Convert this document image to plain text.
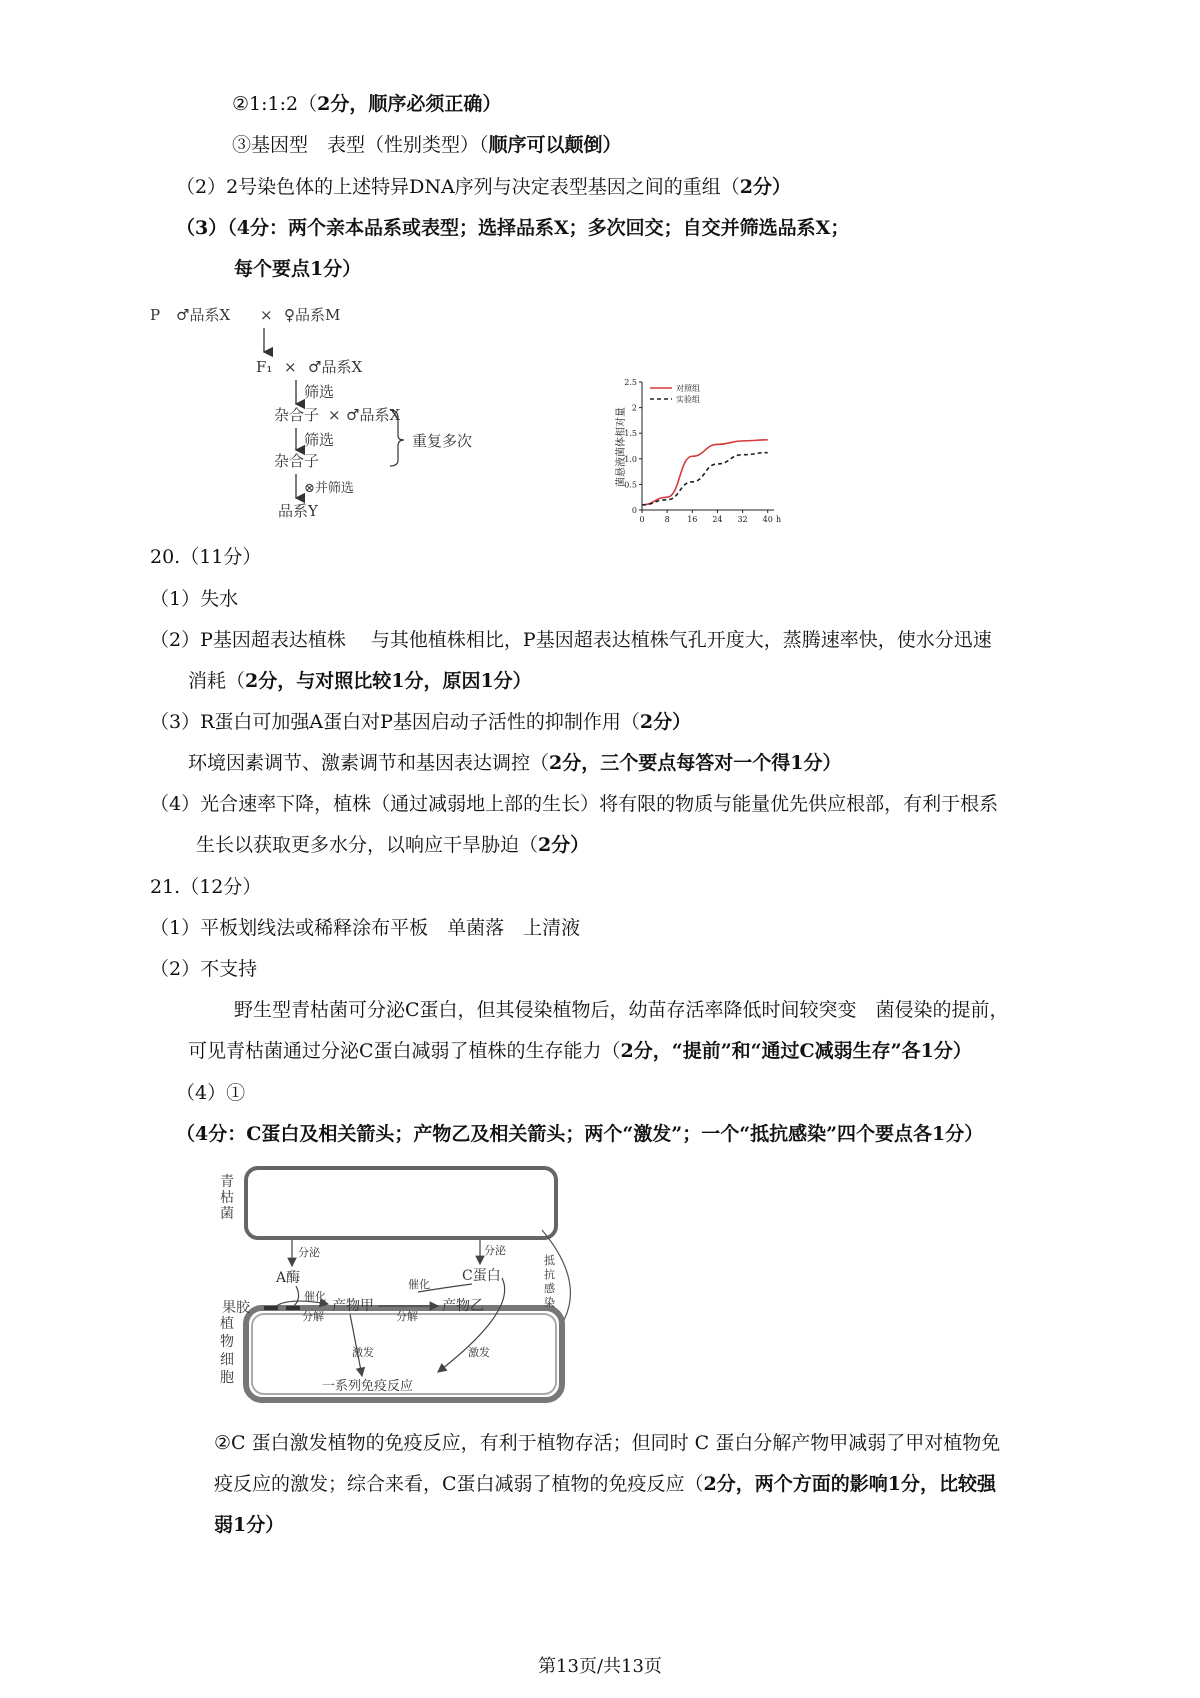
②1:1:2（2分，顺序必须正确）
③基因型　表型（性别类型）（顺序可以颠倒）
（2）2号染色体的上述特异DNA序列与决定表型基因之间的重组（2分）
（3）（4分：两个亲本品系或表型；选择品系X；多次回交；自交并筛选品系X；
每个要点1分）
P ♂品系X × ♀品系M
F₁ × ♂品系X
筛选
杂合子 × ♂品系X
筛选	重复多次
杂合子
⊗并筛选
品系Y	0
0.5
1.0
1.5
2
2.5
0	8 16 24 32 40 h
对照组
实验组
菌悬液菌体相对量
20.（11分）
（1）失水
（2）P基因超表达植株　 与其他植株相比，P基因超表达植株气孔开度大，蒸腾速率快，使水分迅速
消耗（2分，与对照比较1分，原因1分）
（3）R蛋白可加强A蛋白对P基因启动子活性的抑制作用（2分）
环境因素调节、激素调节和基因表达调控（2分，三个要点每答对一个得1分）
（4）光合速率下降，植株（通过减弱地上部的生长）将有限的物质与能量优先供应根部，有利于根系
生长以获取更多水分，以响应干旱胁迫（2分）
21.（12分）
（1）平板划线法或稀释涂布平板　单菌落　上清液
（2）不支持
野生型青枯菌可分泌C蛋白，但其侵染植物后，幼苗存活率降低时间较突变　菌侵染的提前，
可见青枯菌通过分泌C蛋白减弱了植株的生存能力（2分，“提前”和“通过C减弱生存”各1分）
（4）①
（4分：C蛋白及相关箭头；产物乙及相关箭头；两个“激发”；一个“抵抗感染”四个要点各1分）
青枯菌
植物细胞
分泌
A酶
分泌
C蛋白
催化
果胶
分解
产物甲
催化
分解
产物乙
抵抗感染
激发	激发
一系列免疫反应
②C 蛋白激发植物的免疫反应，有利于植物存活；但同时 C 蛋白分解产物甲减弱了甲对植物免
疫反应的激发；综合来看，C蛋白减弱了植物的免疫反应（2分，两个方面的影响1分，比较强
弱1分）
第13页/共13页
